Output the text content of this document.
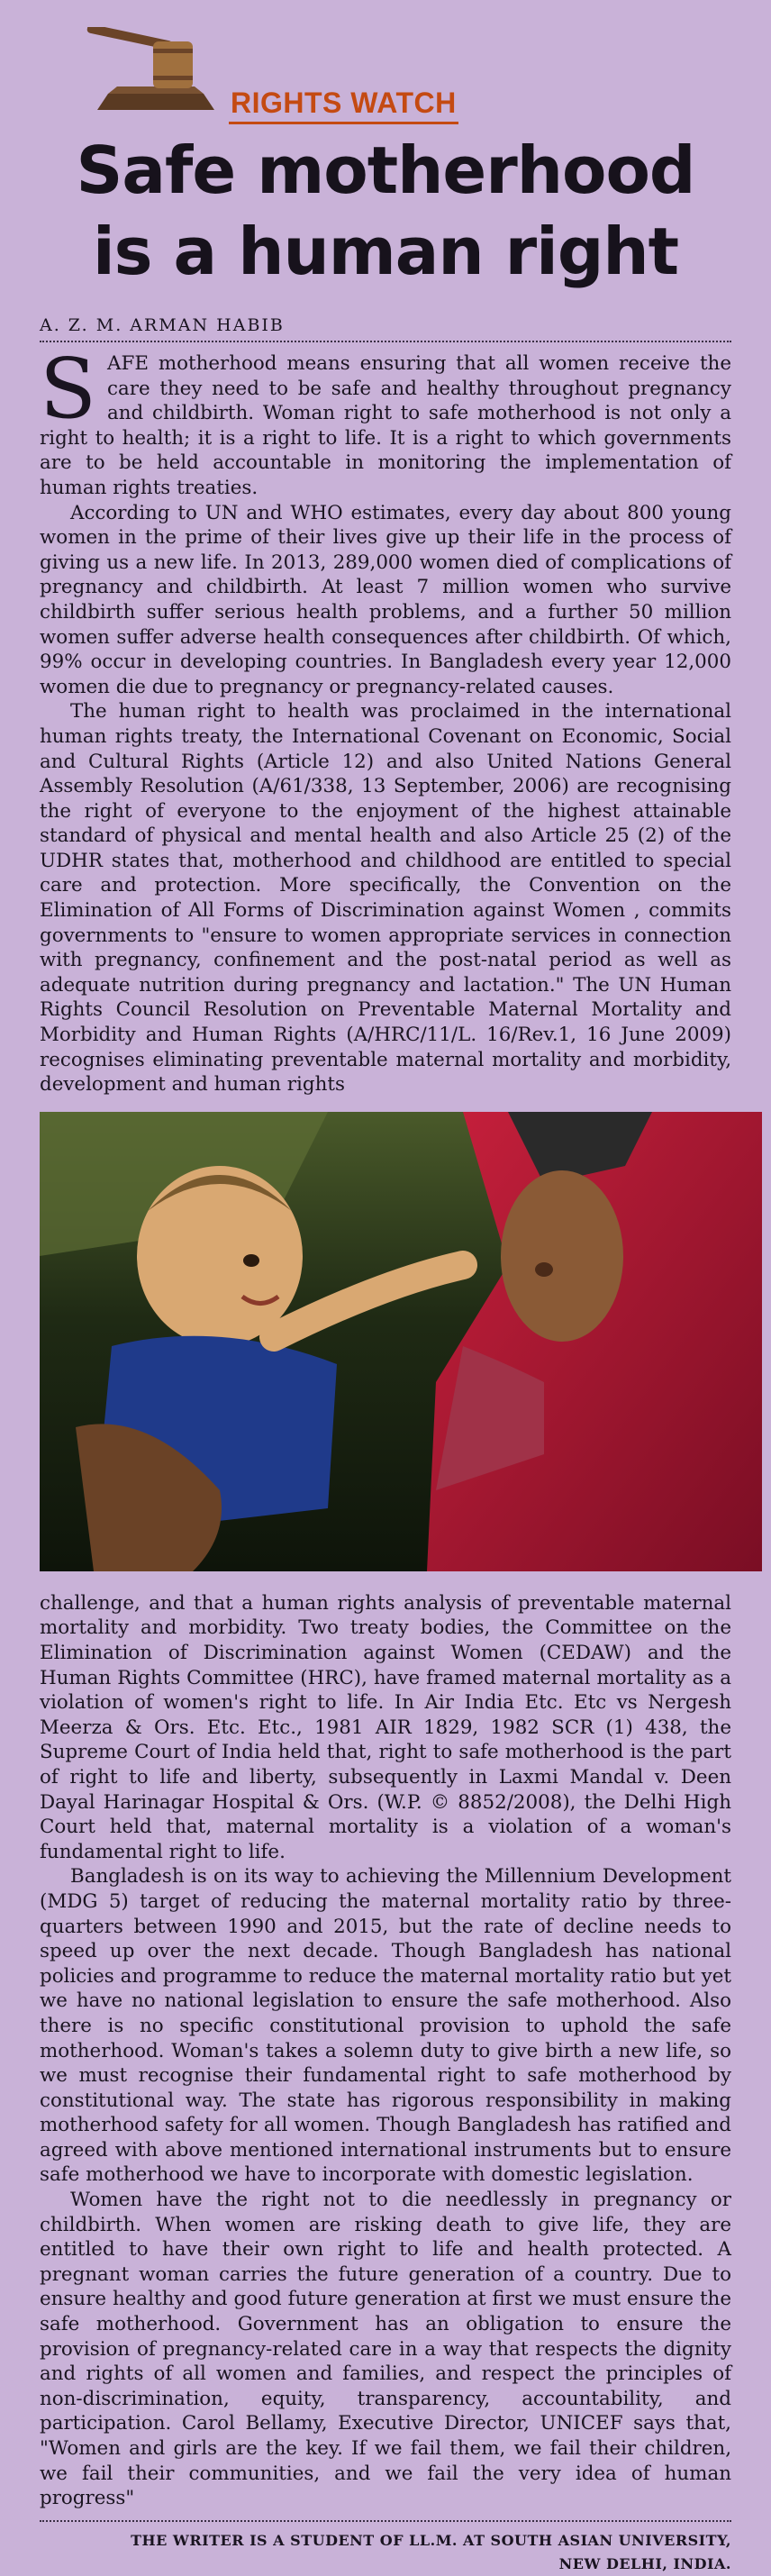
RIGHTS WATCH
Safe motherhood
is a human right
A. Z. M. ARMAN HABIB

SAFE motherhood means ensuring that all women receive the care they need to be safe and healthy throughout pregnancy and childbirth. Woman right to safe motherhood is not only a right to health; it is a right to life. It is a right to which governments are to be held accountable in monitoring the implementation of human rights treaties.

According to UN and WHO estimates, every day about 800 young women in the prime of their lives give up their life in the process of giving us a new life. In 2013, 289,000 women died of complications of pregnancy and childbirth. At least 7 million women who survive childbirth suffer serious health problems, and a further 50 million women suffer adverse health consequences after childbirth. Of which, 99% occur in developing countries. In Bangladesh every year 12,000 women die due to pregnancy or pregnancy-related causes.

The human right to health was proclaimed in the international human rights treaty, the International Covenant on Economic, Social and Cultural Rights (Article 12) and also United Nations General Assembly Resolution (A/61/338, 13 September, 2006) are recognising the right of everyone to the enjoyment of the highest attainable standard of physical and mental health and also Article 25 (2) of the UDHR states that, motherhood and childhood are entitled to special care and protection. More specifically, the Convention on the Elimination of All Forms of Discrimination against Women , commits governments to "ensure to women appropriate services in connection with pregnancy, confinement and the post-natal period as well as adequate nutrition during pregnancy and lactation." The UN Human Rights Council Resolution on Preventable Maternal Mortality and Morbidity and Human Rights (A/HRC/11/L. 16/Rev.1, 16 June 2009) recognises eliminating preventable maternal mortality and morbidity, development and human rights

challenge, and that a human rights analysis of preventable maternal mortality and morbidity. Two treaty bodies, the Committee on the Elimination of Discrimination against Women (CEDAW) and the Human Rights Committee (HRC), have framed maternal mortality as a violation of women's right to life. In Air India Etc. Etc vs Nergesh Meerza & Ors. Etc. Etc., 1981 AIR 1829, 1982 SCR (1) 438, the Supreme Court of India held that, right to safe motherhood is the part of right to life and liberty, subsequently in Laxmi Mandal v. Deen Dayal Harinagar Hospital & Ors. (W.P. © 8852/2008), the Delhi High Court held that, maternal mortality is a violation of a woman's fundamental right to life.

Bangladesh is on its way to achieving the Millennium Development (MDG 5) target of reducing the maternal mortality ratio by three-quarters between 1990 and 2015, but the rate of decline needs to speed up over the next decade. Though Bangladesh has national policies and programme to reduce the maternal mortality ratio but yet we have no national legislation to ensure the safe motherhood. Also there is no specific constitutional provision to uphold the safe motherhood. Woman's takes a solemn duty to give birth a new life, so we must recognise their fundamental right to safe motherhood by constitutional way. The state has rigorous responsibility in making motherhood safety for all women. Though Bangladesh has ratified and agreed with above mentioned international instruments but to ensure safe motherhood we have to incorporate with domestic legislation.

Women have the right not to die needlessly in pregnancy or childbirth. When women are risking death to give life, they are entitled to have their own right to life and health protected. A pregnant woman carries the future generation of a country. Due to ensure healthy and good future generation at first we must ensure the safe motherhood. Government has an obligation to ensure the provision of pregnancy-related care in a way that respects the dignity and rights of all women and families, and respect the principles of non-discrimination, equity, transparency, accountability, and participation. Carol Bellamy, Executive Director, UNICEF says that, "Women and girls are the key. If we fail them, we fail their children, we fail their communities, and we fail the very idea of human progress"

THE WRITER IS A STUDENT OF LL.M. AT SOUTH ASIAN UNIVERSITY, NEW DELHI, INDIA.
